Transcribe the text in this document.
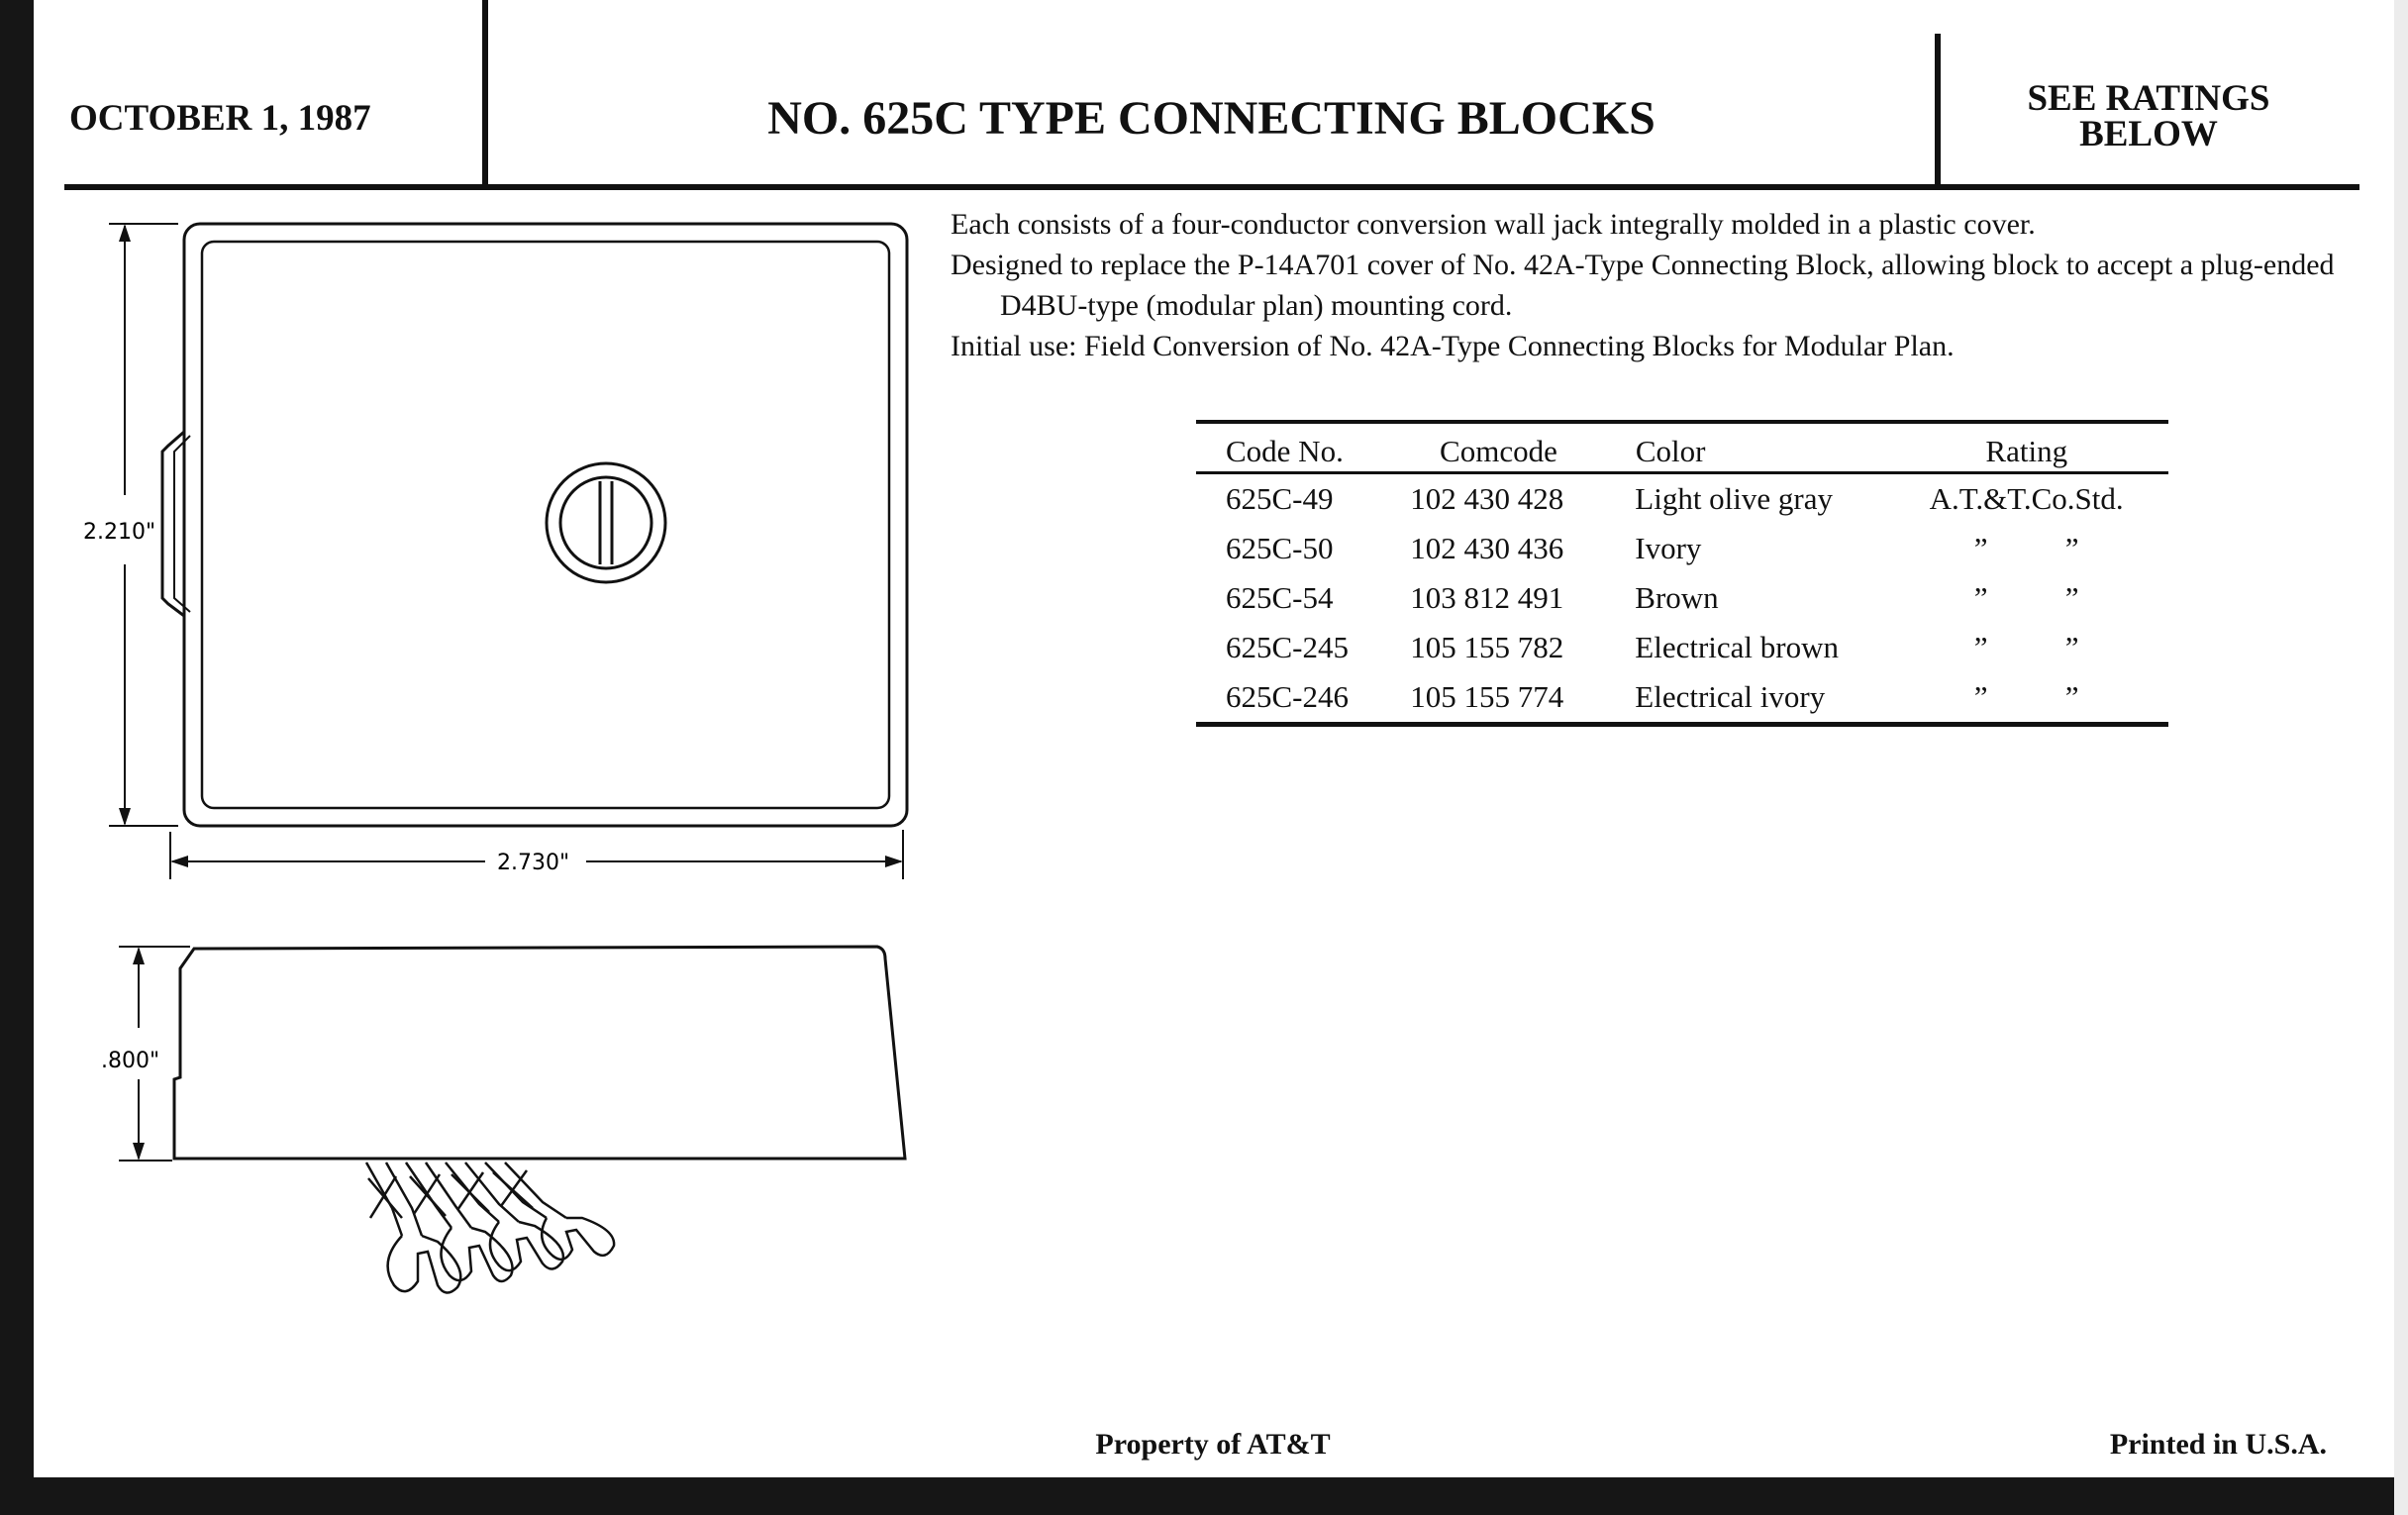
OCTOBER 1, 1987	NO. 625C TYPE CONNECTING BLOCKS	SEE RATINGS
BELOW

Each consists of a four-conductor conversion wall jack integrally molded in a plastic cover.

Designed to replace the P-14A701 cover of No. 42A-Type Connecting Block, allowing block to accept a plug-ended D4BU-type (modular plan) mounting cord.

Initial use: Field Conversion of No. 42A-Type Connecting Blocks for Modular Plan.

Code No.	Comcode	Color	Rating
625C-49	102 430 428	Light olive gray	A.T.&T.Co.Std.
625C-50	102 430 436	Ivory	”	”
625C-54	103 812 491	Brown	”	”
625C-245	105 155 782	Electrical brown	”	”
625C-246	105 155 774	Electrical ivory	”	”
2.210"
2.730"
.800"
Property of AT&T	Printed in U.S.A.
